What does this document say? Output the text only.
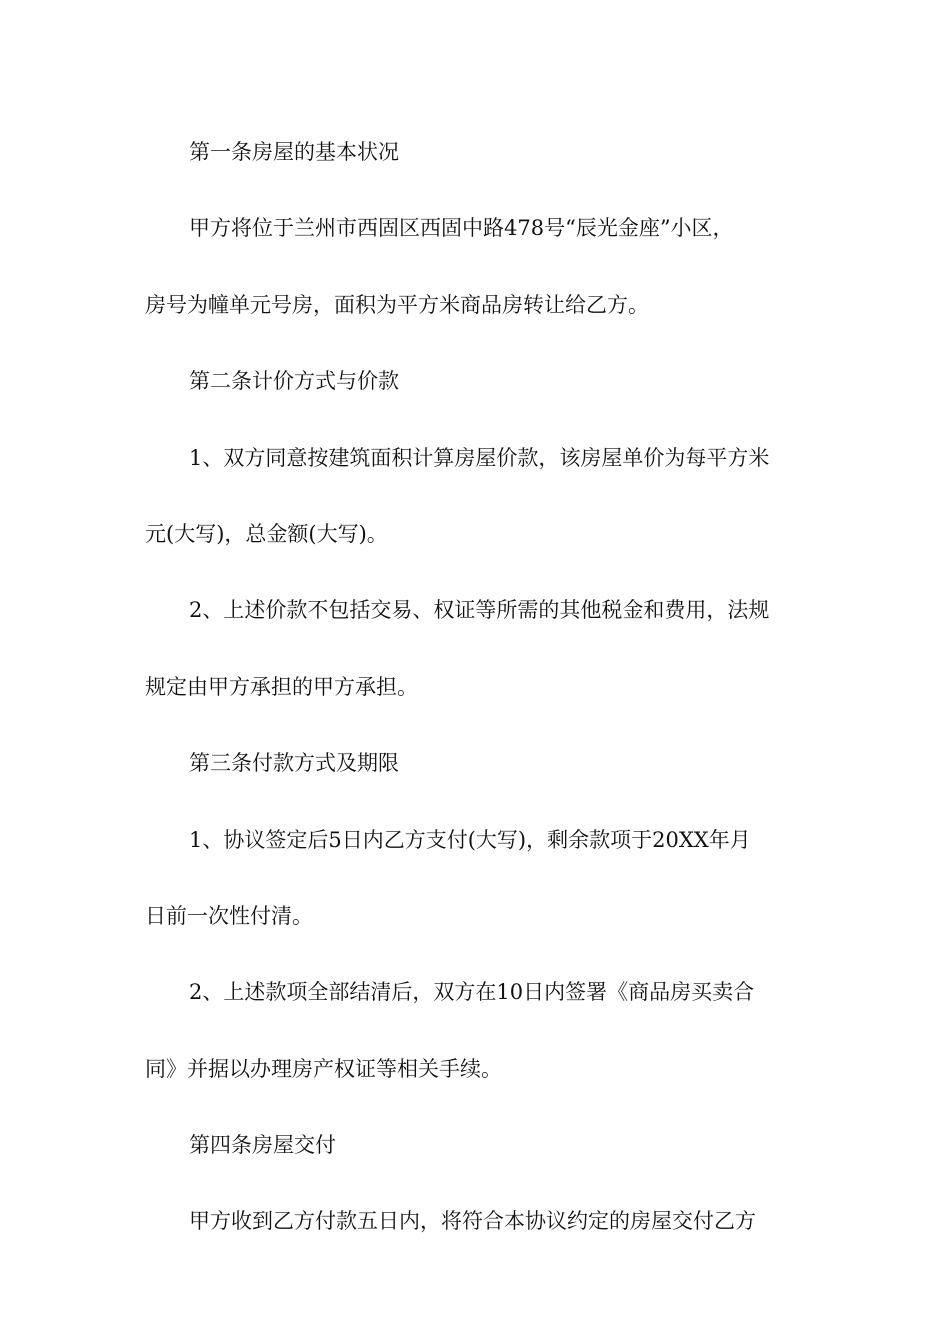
第一条房屋的基本状况
甲方将位于兰州市西固区西固中路478号“辰光金座”小区，
房号为幢单元号房，面积为平方米商品房转让给乙方。
第二条计价方式与价款
1、双方同意按建筑面积计算房屋价款，该房屋单价为每平方米
元(大写)，总金额(大写)。
2、上述价款不包括交易、权证等所需的其他税金和费用，法规
规定由甲方承担的甲方承担。
第三条付款方式及期限
1、协议签定后5日内乙方支付(大写)，剩余款项于20XX年月
日前一次性付清。
2、上述款项全部结清后，双方在10日内签署《商品房买卖合
同》并据以办理房产权证等相关手续。
第四条房屋交付
甲方收到乙方付款五日内，将符合本协议约定的房屋交付乙方
